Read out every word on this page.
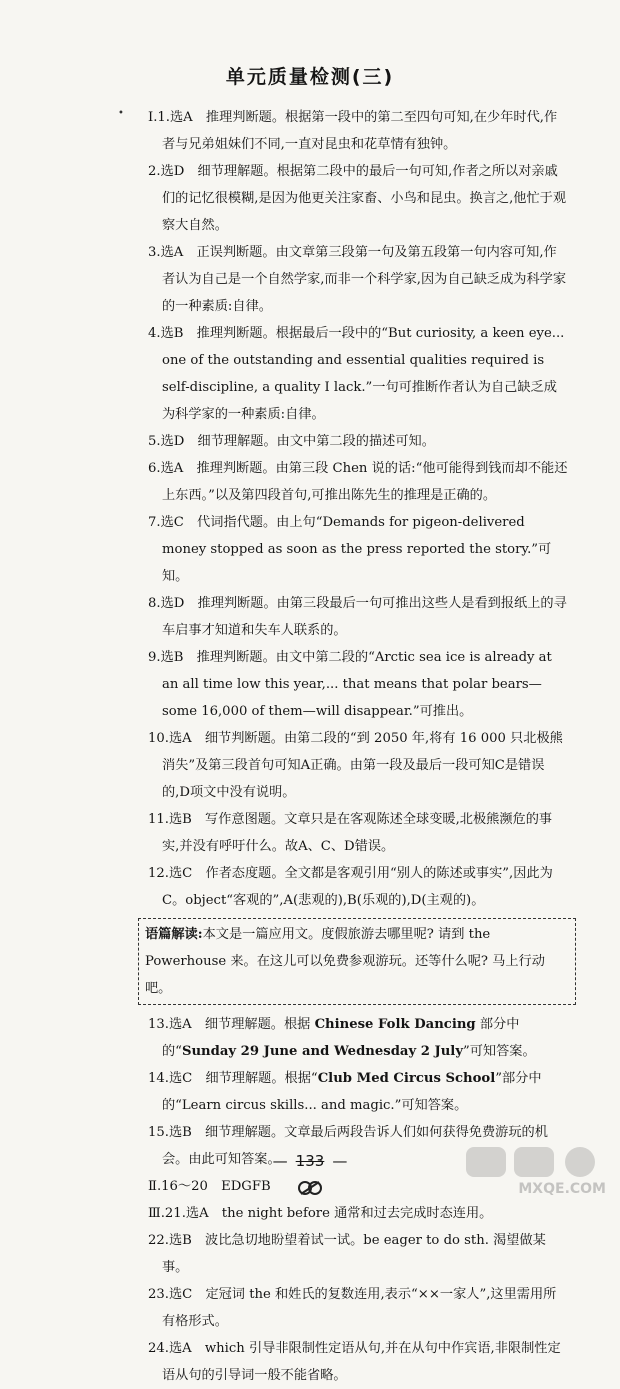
单元质量检测(三)
Ⅰ.1.选A　推理判断题。根据第一段中的第二至四句可知,在少年时代,作者与兄弟姐妹们不同,一直对昆虫和花草情有独钟。
2.选D　细节理解题。根据第二段中的最后一句可知,作者之所以对亲戚们的记忆很模糊,是因为他更关注家畜、小鸟和昆虫。换言之,他忙于观察大自然。
3.选A　正误判断题。由文章第三段第一句及第五段第一句内容可知,作者认为自己是一个自然学家,而非一个科学家,因为自己缺乏成为科学家的一种素质:自律。
4.选B　推理判断题。根据最后一段中的“But curiosity, a keen eye... one of the outstanding and essential qualities required is self-discipline, a quality I lack.”一句可推断作者认为自己缺乏成为科学家的一种素质:自律。
5.选D　细节理解题。由文中第二段的描述可知。
6.选A　推理判断题。由第三段 Chen 说的话:“他可能得到钱而却不能还上东西。”以及第四段首句,可推出陈先生的推理是正确的。
7.选C　代词指代题。由上句“Demands for pigeon-delivered money stopped as soon as the press reported the story.”可知。
8.选D　推理判断题。由第三段最后一句可推出这些人是看到报纸上的寻车启事才知道和失车人联系的。
9.选B　推理判断题。由文中第二段的“Arctic sea ice is already at an all time low this year,... that means that polar bears—some 16,000 of them—will disappear.”可推出。
10.选A　细节判断题。由第二段的“到 2050 年,将有 16 000 只北极熊消失”及第三段首句可知A正确。由第一段及最后一段可知C是错误的,D项文中没有说明。
11.选B　写作意图题。文章只是在客观陈述全球变暖,北极熊濒危的事实,并没有呼吁什么。故A、C、D错误。
12.选C　作者态度题。全文都是客观引用“别人的陈述或事实”,因此为C。object“客观的”,A(悲观的),B(乐观的),D(主观的)。
语篇解读:本文是一篇应用文。度假旅游去哪里呢? 请到 the Powerhouse 来。在这儿可以免费参观游玩。还等什么呢? 马上行动吧。
13.选A　细节理解题。根据 Chinese Folk Dancing 部分中的“Sunday 29 June and Wednesday 2 July”可知答案。
14.选C　细节理解题。根据“Club Med Circus School”部分中的“Learn circus skills... and magic.”可知答案。
15.选B　细节理解题。文章最后两段告诉人们如何获得免费游玩的机会。由此可知答案。
Ⅱ.16～20　EDGFB
Ⅲ.21.选A　the night before 通常和过去完成时态连用。
22.选B　波比急切地盼望着试一试。be eager to do sth. 渴望做某事。
23.选C　定冠词 the 和姓氏的复数连用,表示“××一家人”,这里需用所有格形式。
24.选A　which 引导非限制性定语从句,并在从句中作宾语,非限制性定语从句的引导词一般不能省略。
— 133 —
MXQE.COM
•
